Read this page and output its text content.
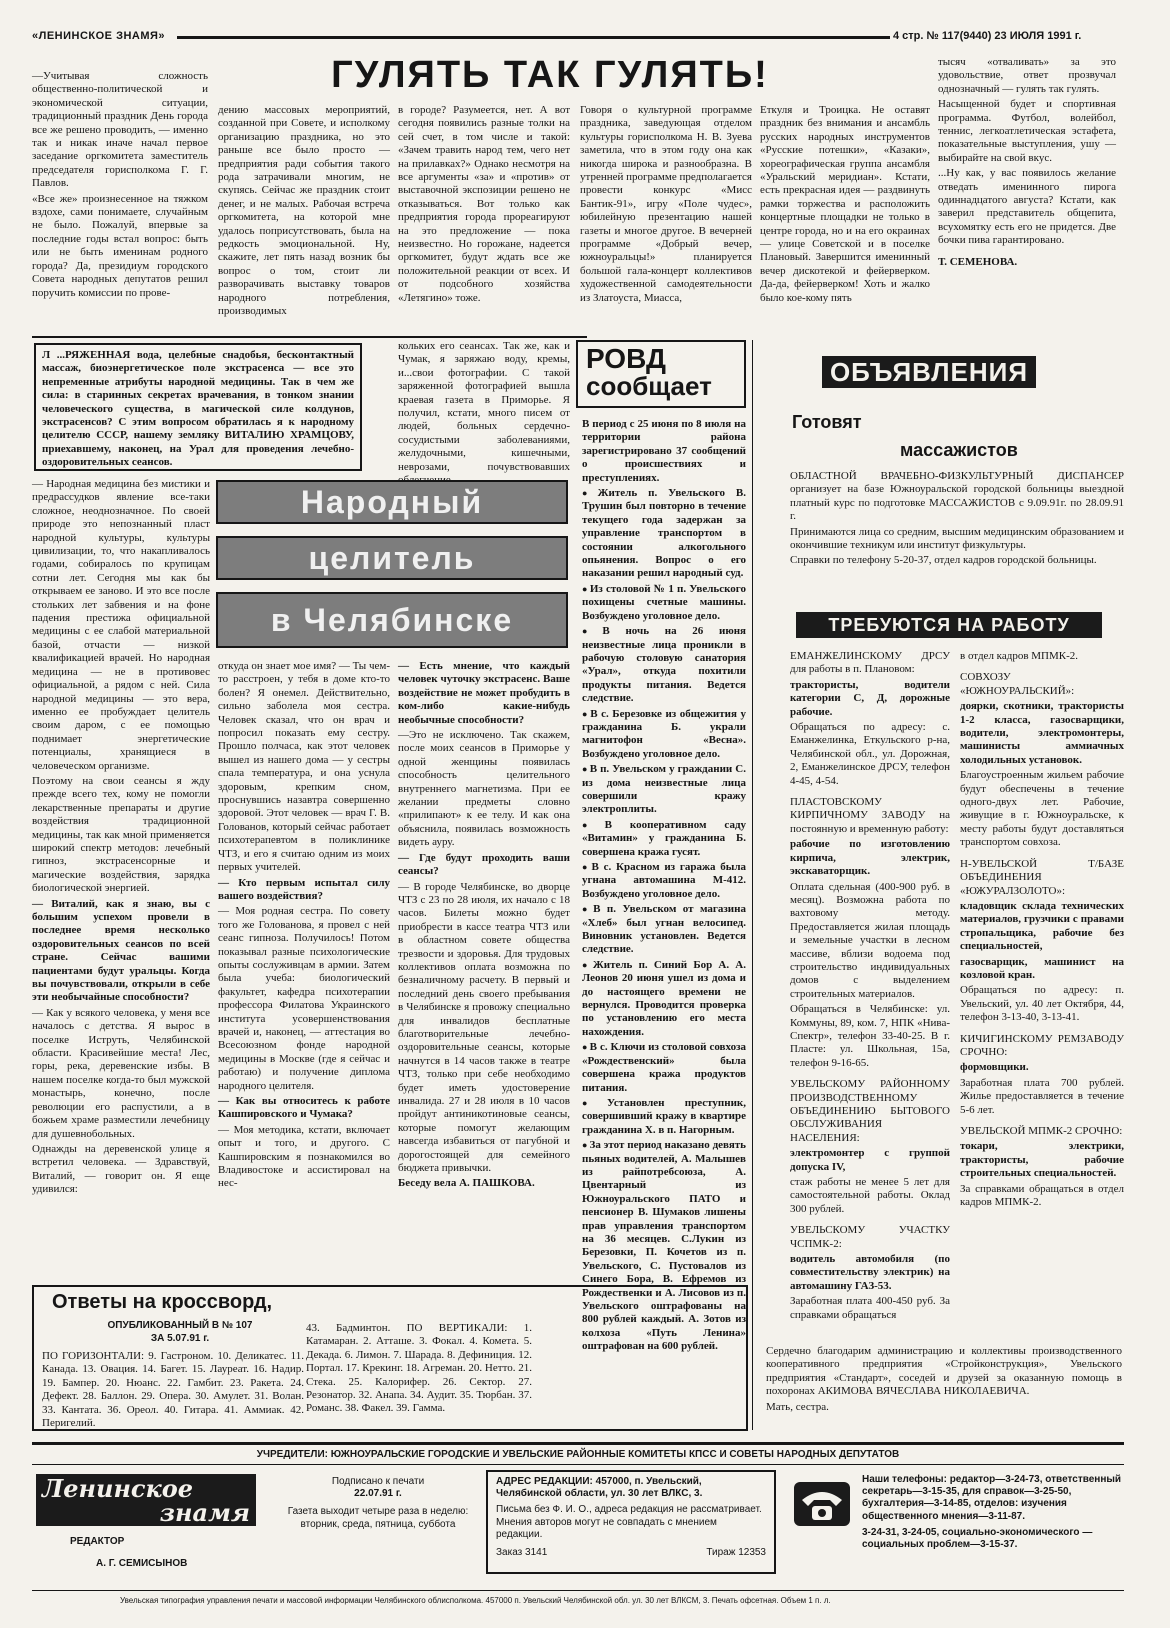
«ЛЕНИНСКОЕ ЗНАМЯ»	4 стр. № 117(9440) 23 ИЮЛЯ 1991 г.
ГУЛЯТЬ ТАК ГУЛЯТЬ!

—Учитывая сложность общественно-политической и экономической ситуации, традиционный праздник День города все же решено проводить, — именно так и никак иначе начал первое заседание оргкомитета заместитель председателя горисполкома Г. Г. Павлов.

«Все же» произнесенное на тяжком вздохе, сами понимаете, случайным не было. Пожалуй, впервые за последние годы встал вопрос: быть или не быть именинам родного города? Да, президиум городского Совета народных депутатов решил поручить комиссии по прове-

дению массовых мероприятий, созданной при Совете, и исполкому организацию праздника, но это раньше все было просто — предприятия ради события такого рода затрачивали многим, не скупясь. Сейчас же праздник стоит денег, и не малых. Рабочая встреча оргкомитета, на которой мне удалось поприсутствовать, была на редкость эмоциональной. Ну, скажите, лет пять назад возник бы вопрос о том, стоит ли разворачивать выставку товаров народного потребления, производимых

в городе? Разумеется, нет. А вот сегодня появились разные толки на сей счет, в том числе и такой: «Зачем травить народ тем, чего нет на прилавках?» Однако несмотря на все аргументы «за» и «против» от выставочной экспозиции решено не отказываться. Вот только как предприятия города прореагируют на это предложение — пока неизвестно. Но горожане, надеется оргкомитет, будут ждать все же положительной реакции от всех. И от подсобного хозяйства «Летягино» тоже.

Говоря о культурной программе праздника, заведующая отделом культуры горисполкома Н. В. Зуева заметила, что в этом году она как никогда широка и разнообразна. В утренней программе предполагается провести конкурс «Мисс Бантик-91», игру «Поле чудес», юбилейную презентацию нашей газеты и многое другое. В вечерней программе «Добрый вечер, южноуральцы!» планируется большой гала-концерт коллективов художественной самодеятельности из Златоуста, Миасса,

Еткуля и Троицка. Не оставят праздник без внимания и ансамбль русских народных инструментов «Русские потешки», «Казаки», хореографическая группа ансамбля «Уральский меридиан». Кстати, есть прекрасная идея — раздвинуть рамки торжества и расположить концертные площадки не только в центре города, но и на его окраинах — улице Советской и в поселке Плановый. Завершится именинный вечер дискотекой и фейерверком. Да-да, фейерверком! Хоть и жалко было кое-кому пять

тысяч «отваливать» за это удовольствие, ответ прозвучал однозначный — гулять так гулять.

Насыщенной будет и спортивная программа. Футбол, волейбол, теннис, легкоатлетическая эстафета, показательные выступления, ушу — выбирайте на свой вкус.

...Ну как, у вас появилось желание отведать именинного пирога одиннадцатого августа? Кстати, как заверил представитель общепита, всухомятку есть его не придется. Две бочки пива гарантировано.

Т. СЕМЕНОВА.

Л ...РЯЖЕННАЯ вода, целебные снадобья, бесконтактный массаж, биоэнергетическое поле экстрасенса — все это непременные атрибуты народной медицины. Так в чем же сила: в старинных секретах врачевания, в тонком знании человеческого существа, в магической силе колдунов, экстрасенсов? С этим вопросом обратилась я к народному целителю СССР, нашему земляку ВИТАЛИЮ ХРАМЦОВУ, приехавшему, наконец, на Урал для проведения лечебно-оздоровительных сеансов.

кольких его сеансах. Так же, как и Чумак, я заряжаю воду, кремы, и...свои фотографии. С такой заряженной фотографией вышла краевая газета в Приморье. Я получил, кстати, много писем от людей, больных сердечно-сосудистыми заболеваниями, желудочными, кишечными, неврозами, почувствовавших

Народный
целитель
в Челябинске

— Народная медицина без мистики и предрассудков явление все-таки сложное, неоднозначное. По своей природе это непознанный пласт народной культуры, культуры цивилизации, то, что накапливалось годами, собиралось по крупицам сотни лет. Сегодня мы как бы открываем ее заново. И это все после стольких лет забвения и на фоне падения престижа официальной медицины с ее слабой материальной базой, отчасти — низкой квалификацией врачей. Но народная медицина — не в противовес официальной, а рядом с ней. Сила народной медицины — это вера, именно ее пробуждает целитель своим даром, с ее помощью поднимает энергетические потенциалы, хранящиеся в человеческом организме.

Поэтому на свои сеансы я жду прежде всего тех, кому не помогли лекарственные препараты и другие воздействия традиционной медицины, так как мной применяется широкий спектр методов: лечебный гипноз, экстрасенсорные и магические воздействия, зарядка биологической энергией.

— Виталий, как я знаю, вы с большим успехом провели в последнее время несколько оздоровительных сеансов по всей стране. Сейчас вашими пациентами будут уральцы. Когда вы почувствовали, открыли в себе эти необычайные способности?

— Как у всякого человека, у меня все началось с детства. Я вырос в поселке Иструть, Челябинской области. Красивейшие места! Лес, горы, река, деревенские избы. В нашем поселке когда-то был мужской монастырь, конечно, после революции его распустили, а в божьем храме разместили лечебницу для душевнобольных.

Однажды на деревенской улице я встретил человека. — Здравствуй, Виталий, — говорит он. Я еще удивился:

откуда он знает мое имя? — Ты чем-то расстроен, у тебя в доме кто-то болен? Я онемел. Действительно, сильно заболела моя сестра. Человек сказал, что он врач и попросил показать ему сестру. Прошло полчаса, как этот человек вышел из нашего дома — у сестры спала температура, и она уснула здоровым, крепким сном, проснувшись назавтра совершенно здоровой. Этот человек — врач Г. В. Голованов, который сейчас работает психотерапевтом в поликлинике ЧТЗ, и его я считаю одним из моих первых учителей.

— Кто первым испытал силу вашего воздействия?

— Моя родная сестра. По совету того же Голованова, я провел с ней сеанс гипноза. Получилось! Потом показывал разные психологические опыты сослуживцам в армии. Затем была учеба: биологический факультет, кафедра психотерапии профессора Филатова Украинского института усовершенствования врачей и, наконец, — аттестация во Всесоюзном фонде народной медицины в Москве (где я сейчас и работаю) и получение диплома народного целителя.

— Как вы относитесь к работе Кашпировского и Чумака?

— Моя методика, кстати, включает опыт и того, и другого. С Кашпировским я познакомился во Владивостоке и ассистировал на нес-

— Есть мнение, что каждый человек чуточку экстрасенс. Ваше воздействие не может пробудить в ком-либо какие-нибудь необычные способности?

—Это не исключено. Так скажем, после моих сеансов в Приморье у одной женщины появилась способность целительного внутреннего магнетизма. При ее желании предметы словно «прилипают» к ее телу. И как она объяснила, появилась возможность видеть ауру.

— Где будут проходить ваши сеансы?

— В городе Челябинске, во дворце ЧТЗ с 23 по 28 июля, их начало с 18 часов. Билеты можно будет приобрести в кассе театра ЧТЗ или в областном совете общества трезвости и здоровья. Для трудовых коллективов оплата возможна по безналичному расчету. В первый и последний день своего пребывания в Челябинске я провожу специально для инвалидов бесплатные благотворительные лечебно-оздоровительные сеансы, которые начнутся в 14 часов также в театре ЧТЗ, только при себе необходимо будет иметь удостоверение инвалида. 27 и 28 июля в 10 часов пройдут антиникотиновые сеансы, которые помогут желающим навсегда избавиться от пагубной и дорогостоящей для семейного бюджета привычки.

Беседу вела А. ПАШКОВА.

РОВД
сообщает

В период с 25 июня по 8 июля на территории района зарегистрировано 37 сообщений о происшествиях и преступлениях.

● Житель п. Увельского В. Трушин был повторно в течение текущего года задержан за управление транспортом в состоянии алкогольного опьянения. Вопрос о его наказании решил народный суд.

● Из столовой № 1 п. Увельского похищены счетные машины. Возбуждено уголовное дело.

● В ночь на 26 июня неизвестные лица проникли в рабочую столовую санатория «Урал», откуда похитили продукты питания. Ведется следствие.

● В с. Березовке из общежития у гражданина Б. украли магнитофон «Весна». Возбуждено уголовное дело.

● В п. Увельском у граждании С. из дома неизвестные лица совершили кражу электроплиты.

● В кооперативном саду «Витамин» у гражданина Б. совершена кража гусят.

● В с. Красном из гаража была угнана автомашина М-412. Возбуждено уголовное дело.

● В п. Увельском от магазина «Хлеб» был угнан велосипед. Виновник установлен. Ведется следствие.

● Житель п. Синий Бор А. А. Леонов 20 июня ушел из дома и до настоящего времени не вернулся. Проводится проверка по установлению его места нахождения.

● В с. Ключи из столовой совхоза «Рождественский» была совершена кража продуктов питания.

● Установлен преступник, совершивший кражу в квартире гражданина Х. в п. Нагорным.

● За этот период наказано девять пьяных водителей, А. Малышев из райпотребсоюза, А. Цвентарный из Южноуральского ПАТО и пенсионер В. Шумаков лишены прав управления транспортом на 36 месяцев. С.Лукин из Березовки, П. Кочетов из п. Увельского, С. Пустовалов из Синего Бора, В. Ефремов из Рождественки и А. Лисовов из п. Увельского оштрафованы на 800 рублей каждый. А. Зотов из колхоза «Путь Ленина» оштрафован на 600 рублей.

ОБЪЯВЛЕНИЯ
Готовят
массажистов

ОБЛАСТНОЙ ВРАЧЕБНО-ФИЗКУЛЬТУРНЫЙ ДИСПАНСЕР организует на базе Южноуральской городской больницы выездной платный курс по подготовке МАССАЖИСТОВ с 9.09.91г. по 28.09.91 г.

Принимаются лица со средним, высшим медицинским образованием и окончившие техникум или институт физкультуры.

Справки по телефону 5-20-37, отдел кадров городской больницы.

ТРЕБУЮТСЯ НА РАБОТУ

ЕМАНЖЕЛИНСКОМУ ДРСУ для работы в п. Плановом:

трактористы, водители категории С, Д, дорожные рабочие.

Обращаться по адресу: с. Еманжелинка, Еткульского р-на, Челябинской обл., ул. Дорожная, 2, Еманжелинское ДРСУ, телефон 4-45, 4-54.

ПЛАСТОВСКОМУ КИРПИЧНОМУ ЗАВОДУ на постоянную и временную работу:

рабочие по изготовлению кирпича, электрик, экскаваторщик.

Оплата сдельная (400-900 руб. в месяц). Возможна работа по вахтовому методу. Предоставляется жилая площадь и земельные участки в лесном массиве, вблизи водоема под строительство индивидуальных домов с выделением строительных материалов.

Обращаться в Челябинске: ул. Коммуны, 89, ком. 7, НПК «Нива-Спектр», телефон 33-40-25. В г. Пласте: ул. Школьная, 15а, телефон 9-16-65.

УВЕЛЬСКОМУ РАЙОННОМУ ПРОИЗВОДСТВЕННОМУ ОБЪЕДИНЕНИЮ БЫТОВОГО ОБСЛУЖИВАНИЯ НАСЕЛЕНИЯ:

электромонтер с группой допуска IV,

стаж работы не менее 5 лет для самостоятельной работы. Оклад 300 рублей.

УВЕЛЬСКОМУ УЧАСТКУ ЧСПМК-2:

водитель автомобиля (по совместительству электрик) на автомашину ГАЗ-53.

Заработная плата 400-450 руб. За справками обращаться

в отдел кадров МПМК-2.

СОВХОЗУ «ЮЖНОУРАЛЬСКИЙ»:

доярки, скотники, трактористы 1-2 класса, газосварщики, водители, электромонтеры, машинисты аммиачных холодильных установок.

Благоустроенным жильем рабочие будут обеспечены в течение одного-двух лет. Рабочие, живущие в г. Южноуральске, к месту работы будут доставляться транспортом совхоза.

Н-УВЕЛЬСКОЙ Т/БАЗЕ ОБЪЕДИНЕНИЯ «ЮЖУРАЛЗОЛОТО»:

кладовщик склада технических материалов, грузчики с правами стропальщика, рабочие без специальностей,

газосварщик, машинист на козловой кран.

Обращаться по адресу: п. Увельский, ул. 40 лет Октября, 44, телефон 3-13-40, 3-13-41.

КИЧИГИНСКОМУ РЕМЗАВОДУ СРОЧНО:

формовщики.

Заработная плата 700 рублей. Жилье предоставляется в течение 5-6 лет.

УВЕЛЬСКОЙ МПМК-2 СРОЧНО:

токари, электрики, трактористы, рабочие строительных специальностей.

За справками обращаться в отдел кадров МПМК-2.

Сердечно благодарим администрацию и коллективы производственного кооперативного предприятия «Стройконструкция», Увельского предприятия «Стандарт», соседей и друзей за оказанную помощь в похоронах АКИМОВА ВЯЧЕСЛАВА НИКОЛАЕВИЧА.

Мать, сестра.

Ответы на кроссворд,
ОПУБЛИКОВАННЫЙ В № 107
ЗА 5.07.91 г.

ПО ГОРИЗОНТАЛИ: 9. Гастроном. 10. Деликатес. 11. Канада. 13. Овация. 14. Багет. 15. Лауреат. 16. Надир. 19. Бампер. 20. Нюанс. 22. Гамбит. 23. Ракета. 24. Дефект. 28. Баллон. 29. Опера. 30. Амулет. 31. Волан. 33. Кантата. 36. Ореол. 40. Гитара. 41. Аммиак. 42. Перигелий.

43. Бадминтон. ПО ВЕРТИКАЛИ: 1. Катамаран. 2. Атташе. 3. Фокал. 4. Комета. 5. Декада. 6. Лимон. 7. Шарада. 8. Дефиниция. 12. Портал. 17. Крекинг. 18. Агреман. 20. Нетто. 21. Стека. 25. Калорифер. 26. Сектор. 27. Резонатор. 32. Анапа. 34. Аудит. 35. Тюрбан. 37. Романс. 38. Факел. 39. Гамма.

УЧРЕДИТЕЛИ: ЮЖНОУРАЛЬСКИЕ ГОРОДСКИЕ И УВЕЛЬСКИЕ РАЙОННЫЕ КОМИТЕТЫ КПСС И СОВЕТЫ НАРОДНЫХ ДЕПУТАТОВ
Ленинское
знамя
РЕДАКТОР
А. Г. СЕМИСЫНОВ
Подписано к печати
22.07.91 г.
Газета выходит четыре раза в неделю: вторник, среда, пятница, суббота
АДРЕС РЕДАКЦИИ: 457000, п. Увельский, Челябинской области, ул. 30 лет ВЛКС, 3.
Письма без Ф. И. О., адреса редакция не рассматривает. Мнения авторов могут не совпадать с мнением редакции.
Заказ 3141	Тираж 12353
Наши телефоны: редактор—3-24-73, ответственный секретарь—3-15-35, для справок—3-25-50, бухгалтерия—3-14-85, отделов: изучения общественного мнения—3-11-87.
3-24-31, 3-24-05, социально-экономического — социальных проблем—3-15-37.
Увельская типография управления печати и массовой информации Челябинского облисполкома. 457000 п. Увельский Челябинской обл. ул. 30 лет ВЛКСМ, 3. Печать офсетная. Объем 1 п. л.
